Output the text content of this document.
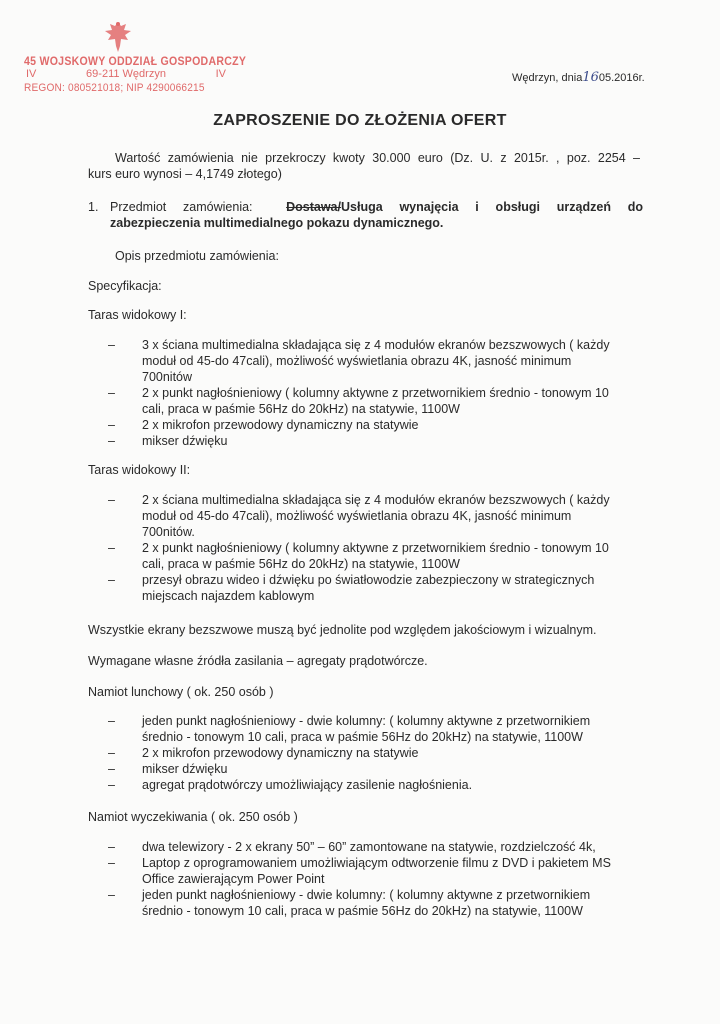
45 WOJSKOWY ODDZIAŁ GOSPODARCZY
IV	69-211 Wędrzyn	IV
REGON: 080521018; NIP 4290066215
Wędrzyn, dnia1605.2016r.
ZAPROSZENIE DO ZŁOŻENIA OFERT
Wartość zamówienia nie przekroczy kwoty 30.000 euro (Dz. U. z 2015r. , poz. 2254 –
kurs euro wynosi – 4,1749 złotego)
1. Przedmiot zamówienia:	Dostawa/Usługa wynajęcia i obsługi urządzeń do
zabezpieczenia multimedialnego pokazu dynamicznego.
Opis przedmiotu zamówienia:
Specyfikacja:
Taras widokowy I:
– 3 x ściana multimedialna składająca się z 4 modułów ekranów bezszwowych ( każdy
moduł od 45-do 47cali), możliwość wyświetlania obrazu 4K, jasność minimum
700nitów
– 2 x punkt nagłośnieniowy ( kolumny aktywne z przetwornikiem średnio - tonowym 10
cali, praca w paśmie 56Hz do 20kHz) na statywie, 1100W
– 2 x mikrofon przewodowy dynamiczny na statywie
– mikser dźwięku
Taras widokowy II:
– 2 x ściana multimedialna składająca się z 4 modułów ekranów bezszwowych ( każdy
moduł od 45-do 47cali), możliwość wyświetlania obrazu 4K, jasność minimum
700nitów.
– 2 x punkt nagłośnieniowy ( kolumny aktywne z przetwornikiem średnio - tonowym 10
cali, praca w paśmie 56Hz do 20kHz) na statywie, 1100W
– przesył obrazu wideo i dźwięku po światłowodzie zabezpieczony w strategicznych
miejscach najazdem kablowym
Wszystkie ekrany bezszwowe muszą być jednolite pod względem jakościowym i wizualnym.
Wymagane własne źródła zasilania – agregaty prądotwórcze.
Namiot lunchowy ( ok. 250 osób )
– jeden punkt nagłośnieniowy - dwie kolumny: ( kolumny aktywne z przetwornikiem
średnio - tonowym 10 cali, praca w paśmie 56Hz do 20kHz) na statywie, 1100W
– 2 x mikrofon przewodowy dynamiczny na statywie
– mikser dźwięku
– agregat prądotwórczy umożliwiający zasilenie nagłośnienia.
Namiot wyczekiwania ( ok. 250 osób )
– dwa telewizory - 2 x ekrany 50” – 60” zamontowane na statywie, rozdzielczość 4k,
– Laptop z oprogramowaniem umożliwiającym odtworzenie filmu z DVD i pakietem MS
Office zawierającym Power Point
– jeden punkt nagłośnieniowy - dwie kolumny: ( kolumny aktywne z przetwornikiem
średnio - tonowym 10 cali, praca w paśmie 56Hz do 20kHz) na statywie, 1100W
